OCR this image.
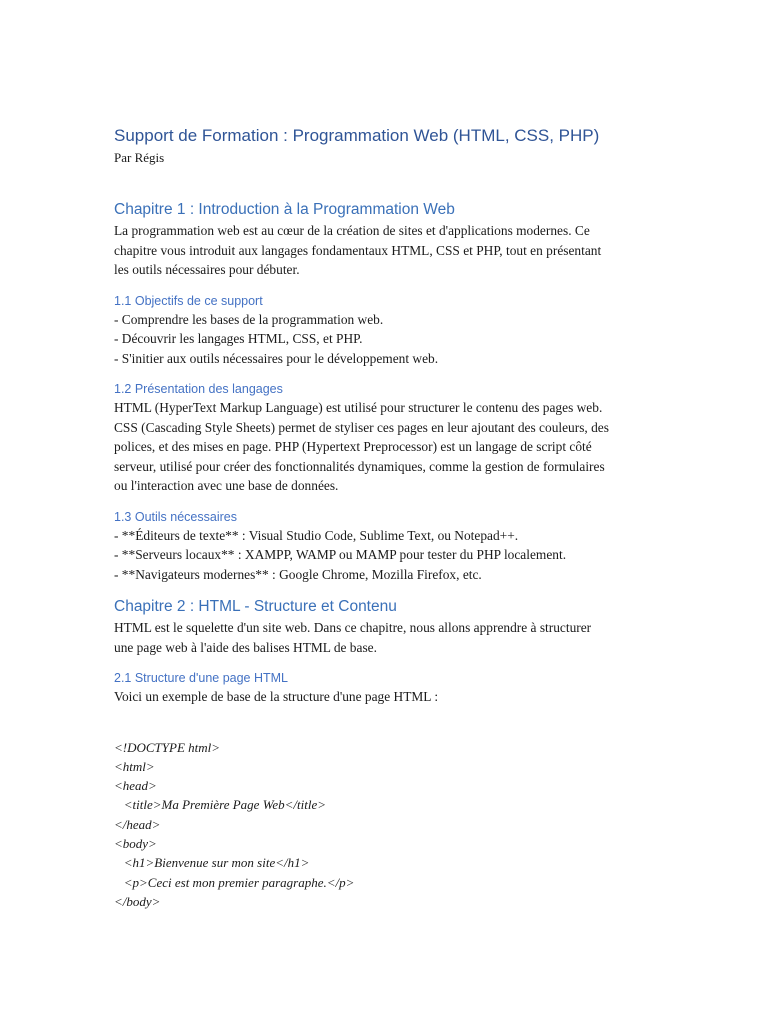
Support de Formation : Programmation Web (HTML, CSS, PHP)

Par Régis

Chapitre 1 : Introduction à la Programmation Web

La programmation web est au cœur de la création de sites et d'applications modernes. Ce
chapitre vous introduit aux langages fondamentaux HTML, CSS et PHP, tout en présentant
les outils nécessaires pour débuter.

1.1 Objectifs de ce support

- Comprendre les bases de la programmation web.
- Découvrir les langages HTML, CSS, et PHP.
- S'initier aux outils nécessaires pour le développement web.

1.2 Présentation des langages

HTML (HyperText Markup Language) est utilisé pour structurer le contenu des pages web.
CSS (Cascading Style Sheets) permet de styliser ces pages en leur ajoutant des couleurs, des
polices, et des mises en page. PHP (Hypertext Preprocessor) est un langage de script côté
serveur, utilisé pour créer des fonctionnalités dynamiques, comme la gestion de formulaires
ou l'interaction avec une base de données.

1.3 Outils nécessaires

- **Éditeurs de texte** : Visual Studio Code, Sublime Text, ou Notepad++.
- **Serveurs locaux** : XAMPP, WAMP ou MAMP pour tester du PHP localement.
- **Navigateurs modernes** : Google Chrome, Mozilla Firefox, etc.

Chapitre 2 : HTML - Structure et Contenu

HTML est le squelette d'un site web. Dans ce chapitre, nous allons apprendre à structurer
une page web à l'aide des balises HTML de base.

2.1 Structure d'une page HTML

Voici un exemple de base de la structure d'une page HTML :

<!DOCTYPE html>
<html>
<head>
<title>Ma Première Page Web</title>
</head>
<body>
<h1>Bienvenue sur mon site</h1>
<p>Ceci est mon premier paragraphe.</p>
</body>
